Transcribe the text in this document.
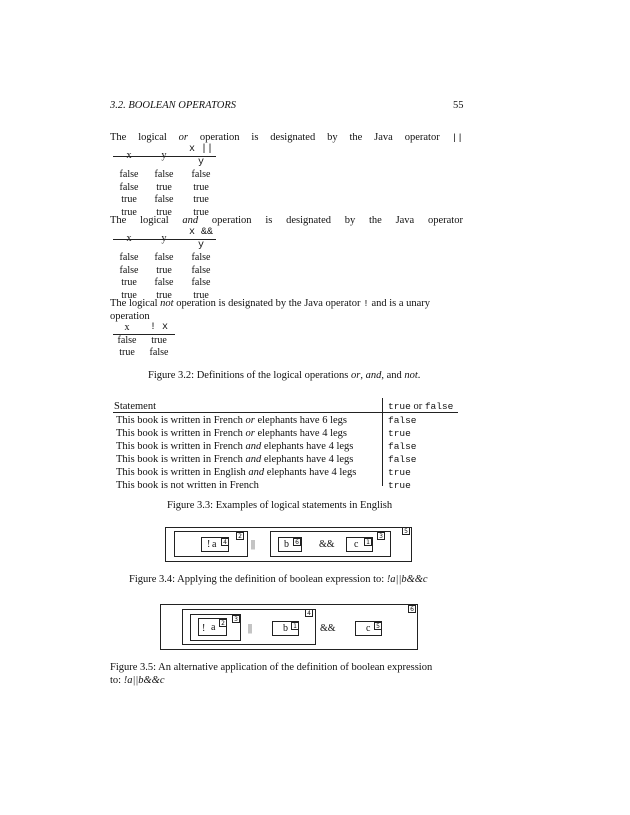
3.2. BOOLEAN OPERATORS	55
The logical or operation is designated by the Java operator ||
x	y	x || y
false	false	false
false	true	true
true	false	true
true	true	true
The logical and operation is designated by the Java operator
x	y	x && y
false	false	false
false	true	false
true	false	false
true	true	true
The logical not operation is designated by the Java operator ! and is a unary
operation
x	! x
false	true
true	false
Figure 3.2: Definitions of the logical operations or, and, and not.
Statement	true or false
This book is written in French or elephants have 6 legs	false
This book is written in French or elephants have 4 legs	true
This book is written in French and elephants have 4 legs	false
This book is written in French and elephants have 4 legs	false
This book is written in English and elephants have 4 legs	true
This book is not written in French	true
Figure 3.3: Examples of logical statements in English
2
4
3
6
5
1
! a	||	b	&& c
Figure 3.4: Applying the definition of boolean expression to: !a||b&&c
6
4
3
2	1	5
! a	||	b	&&	c
Figure 3.5: An alternative application of the definition of boolean expression
to: !a||b&&c
